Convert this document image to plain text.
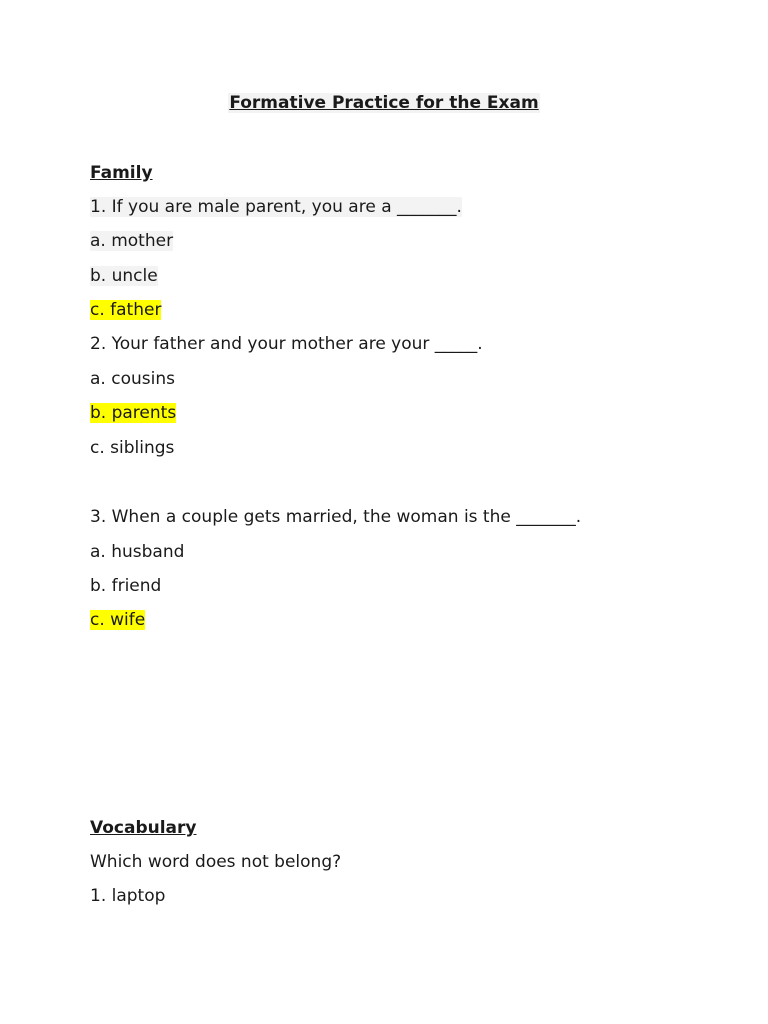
Formative Practice for the Exam
Family
1. If you are male parent, you are a _______.
a. mother
b. uncle
c. father
2. Your father and your mother are your _____.
a. cousins
b. parents
c. siblings
3. When a couple gets married, the woman is the _______.
a. husband
b. friend
c. wife
Vocabulary
Which word does not belong?
1. laptop
